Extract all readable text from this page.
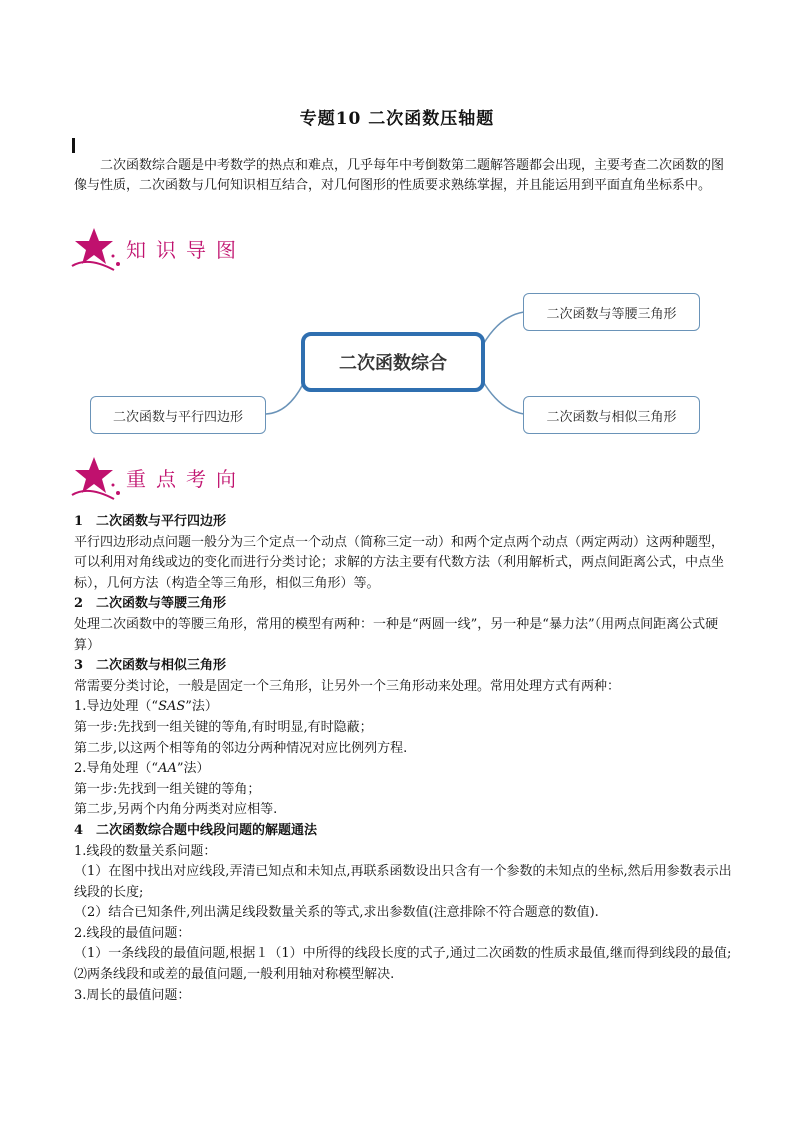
专题10 二次函数压轴题
二次函数综合题是中考数学的热点和难点，几乎每年中考倒数第二题解答题都会出现，主要考查二次函数的图像与性质，二次函数与几何知识相互结合，对几何图形的性质要求熟练掌握，并且能运用到平面直角坐标系中。
知识导图
二次函数综合
二次函数与等腰三角形
二次函数与相似三角形
二次函数与平行四边形
重点考向

1 二次函数与平行四边形

平行四边形动点问题一般分为三个定点一个动点（简称三定一动）和两个定点两个动点（两定两动）这两种题型，可以利用对角线或边的变化而进行分类讨论；求解的方法主要有代数方法（利用解析式，两点间距离公式，中点坐标），几何方法（构造全等三角形，相似三角形）等。

2 二次函数与等腰三角形

处理二次函数中的等腰三角形，常用的模型有两种：一种是“两圆一线”，另一种是“暴力法”（用两点间距离公式硬算）

3 二次函数与相似三角形

常需要分类讨论，一般是固定一个三角形，让另外一个三角形动来处理。常用处理方式有两种：

1.导边处理（“SAS”法）

第一步:先找到一组关键的等角,有时明显,有时隐蔽；

第二步,以这两个相等角的邻边分两种情况对应比例列方程.

2.导角处理（“AA”法）

第一步:先找到一组关键的等角；

第二步,另两个内角分两类对应相等.

4 二次函数综合题中线段问题的解题通法

1.线段的数量关系问题：

（1）在图中找出对应线段,弄清已知点和未知点,再联系函数设出只含有一个参数的未知点的坐标,然后用参数表示出线段的长度;

（2）结合已知条件,列出满足线段数量关系的等式,求出参数值(注意排除不符合题意的数值).

2.线段的最值问题：

（1）一条线段的最值问题,根据１（1）中所得的线段长度的式子,通过二次函数的性质求最值,继而得到线段的最值;

⑵两条线段和或差的最值问题,一般利用轴对称模型解决.

3.周长的最值问题：
